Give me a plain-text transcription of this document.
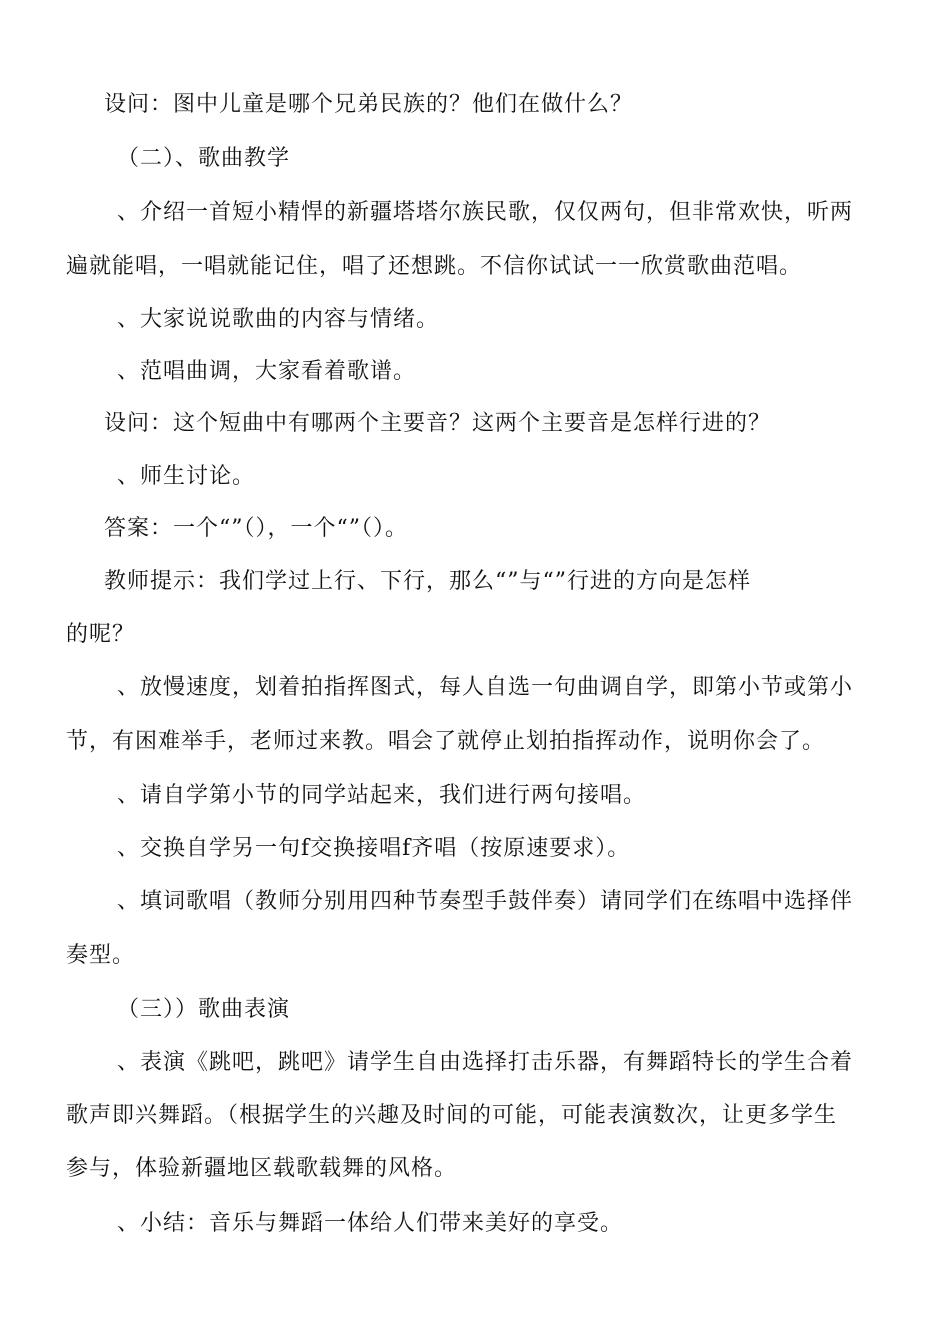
设问：图中儿童是哪个兄弟民族的？他们在做什么？
（二）、歌曲教学
、介绍一首短小精悍的新疆塔塔尔族民歌，仅仅两句，但非常欢快，听两
遍就能唱，一唱就能记住，唱了还想跳。不信你试试一一欣赏歌曲范唱。
、大家说说歌曲的内容与情绪。
、范唱曲调，大家看着歌谱。
设问：这个短曲中有哪两个主要音？这两个主要音是怎样行进的？
、师生讨论。
答案：一个“”（），一个“”（）。
教师提示：我们学过上行、下行，那么“”与“”行进的方向是怎样
的呢？
、放慢速度，划着拍指挥图式，每人自选一句曲调自学，即第小节或第小
节，有困难举手，老师过来教。唱会了就停止划拍指挥动作，说明你会了。
、请自学第小节的同学站起来，我们进行两句接唱。
、交换自学另一句f交换接唱f齐唱（按原速要求）。
、填词歌唱（教师分别用四种节奏型手鼓伴奏）请同学们在练唱中选择伴
奏型。
（三））歌曲表演
、表演《跳吧，跳吧》请学生自由选择打击乐器，有舞蹈特长的学生合着
歌声即兴舞蹈。（根据学生的兴趣及时间的可能，可能表演数次，让更多学生
参与，体验新疆地区载歌载舞的风格。
、小结：音乐与舞蹈一体给人们带来美好的享受。
